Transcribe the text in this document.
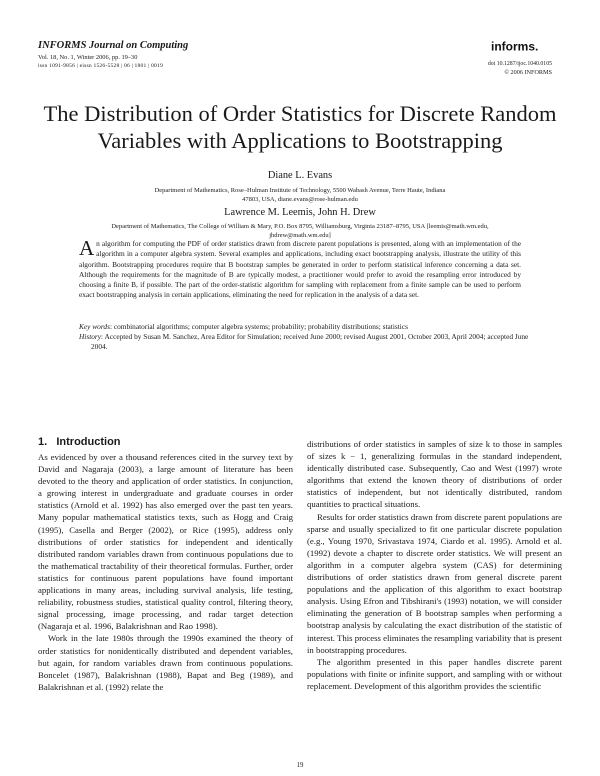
INFORMS Journal on Computing
Vol. 18, No. 1, Winter 2006, pp. 19–30
issn 1091-9856 | eissn 1526-5528 | 06 | 1801 | 0019
informs.
doi 10.1287/ijoc.1040.0105
© 2006 INFORMS
The Distribution of Order Statistics for Discrete Random Variables with Applications to Bootstrapping
Diane L. Evans
Department of Mathematics, Rose–Hulman Institute of Technology, 5500 Wabash Avenue, Terre Haute, Indiana 47803, USA, diane.evans@rose-hulman.edu
Lawrence M. Leemis, John H. Drew
Department of Mathematics, The College of William & Mary, P.O. Box 8795, Williamsburg, Virginia 23187–8795, USA [leemis@math.wm.edu, jhdrew@math.wm.edu]
An algorithm for computing the PDF of order statistics drawn from discrete parent populations is presented, along with an implementation of the algorithm in a computer algebra system. Several examples and applications, including exact bootstrapping analysis, illustrate the utility of this algorithm. Bootstrapping procedures require that B bootstrap samples be generated in order to perform statistical inference concerning a data set. Although the requirements for the magnitude of B are typically modest, a practitioner would prefer to avoid the resampling error introduced by choosing a finite B, if possible. The part of the order-statistic algorithm for sampling with replacement from a finite sample can be used to perform exact bootstrapping analysis in certain applications, eliminating the need for replication in the analysis of a data set.
Key words: combinatorial algorithms; computer algebra systems; probability; probability distributions; statistics
History: Accepted by Susan M. Sanchez, Area Editor for Simulation; received June 2000; revised August 2001, October 2003, April 2004; accepted June 2004.
1. Introduction

As evidenced by over a thousand references cited in the survey text by David and Nagaraja (2003), a large amount of literature has been devoted to the theory and application of order statistics. In conjunction, a growing interest in undergraduate and graduate courses in order statistics (Arnold et al. 1992) has also emerged over the past ten years. Many popular mathematical statistics texts, such as Hogg and Craig (1995), Casella and Berger (2002), or Rice (1995), address only distributions of order statistics for independent and identically distributed random variables drawn from continuous populations due to the mathematical tractability of their theoretical formulas. Further, order statistics for continuous parent populations have found important applications in many areas, including survival analysis, life testing, reliability, robustness studies, statistical quality control, filtering theory, signal processing, image processing, and radar target detection (Nagaraja et al. 1996, Balakrishnan and Rao 1998).

Work in the late 1980s through the 1990s examined the theory of order statistics for nonidentically distributed and dependent variables, but again, for random variables drawn from continuous populations. Boncelet (1987), Balakrishnan (1988), Bapat and Beg (1989), and Balakrishnan et al. (1992) relate the

distributions of order statistics in samples of size k to those in samples of sizes k − 1, generalizing formulas in the standard independent, identically distributed case. Subsequently, Cao and West (1997) wrote algorithms that extend the known theory of distributions of order statistics of independent, but not identically distributed, random quantities to practical situations.

Results for order statistics drawn from discrete parent populations are sparse and usually specialized to fit one particular discrete population (e.g., Young 1970, Srivastava 1974, Ciardo et al. 1995). Arnold et al. (1992) devote a chapter to discrete order statistics. We will present an algorithm in a computer algebra system (CAS) for determining distributions of order statistics drawn from general discrete parent populations and the application of this algorithm to exact bootstrap analysis. Using Efron and Tibshirani's (1993) notation, we will consider eliminating the generation of B bootstrap samples when performing a bootstrap analysis by calculating the exact distribution of the statistic of interest. This process eliminates the resampling variability that is present in bootstrapping procedures.

The algorithm presented in this paper handles discrete parent populations with finite or infinite support, and sampling with or without replacement. Development of this algorithm provides the scientific

19
